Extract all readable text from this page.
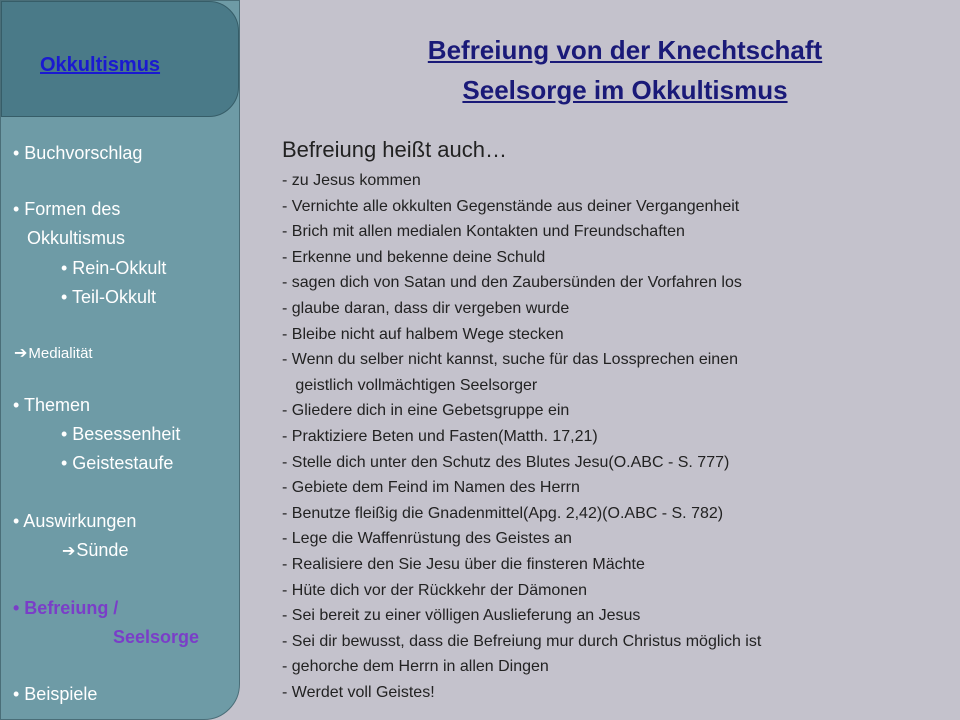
Okkultismus
• Buchvorschlag
• Formen des
Okkultismus
• Rein-Okkult
• Teil-Okkult
➔Medialität
• Themen
• Besessenheit
• Geistestaufe
• Auswirkungen
➔Sünde
• Befreiung /
Seelsorge
• Beispiele
Befreiung von der Knechtschaft
Seelsorge im Okkultismus
Befreiung heißt auch…
- zu Jesus kommen
- Vernichte alle okkulten Gegenstände aus deiner Vergangenheit
- Brich mit allen medialen Kontakten und Freundschaften
- Erkenne und bekenne deine Schuld
- sagen dich von Satan und den Zaubersünden der Vorfahren los
- glaube daran, dass dir vergeben wurde
- Bleibe nicht auf halbem Wege stecken
- Wenn du selber nicht kannst, suche für das Lossprechen einen
geistlich vollmächtigen Seelsorger
- Gliedere dich in eine Gebetsgruppe ein
- Praktiziere Beten und Fasten(Matth. 17,21)
- Stelle dich unter den Schutz des Blutes Jesu(O.ABC - S. 777)
- Gebiete dem Feind im Namen des Herrn
- Benutze fleißig die Gnadenmittel(Apg. 2,42)(O.ABC - S. 782)
- Lege die Waffenrüstung des Geistes an
- Realisiere den Sie Jesu über die finsteren Mächte
- Hüte dich vor der Rückkehr der Dämonen
- Sei bereit zu einer völligen Auslieferung an Jesus
- Sei dir bewusst, dass die Befreiung mur durch Christus möglich ist
- gehorche dem Herrn in allen Dingen
- Werdet voll Geistes!
